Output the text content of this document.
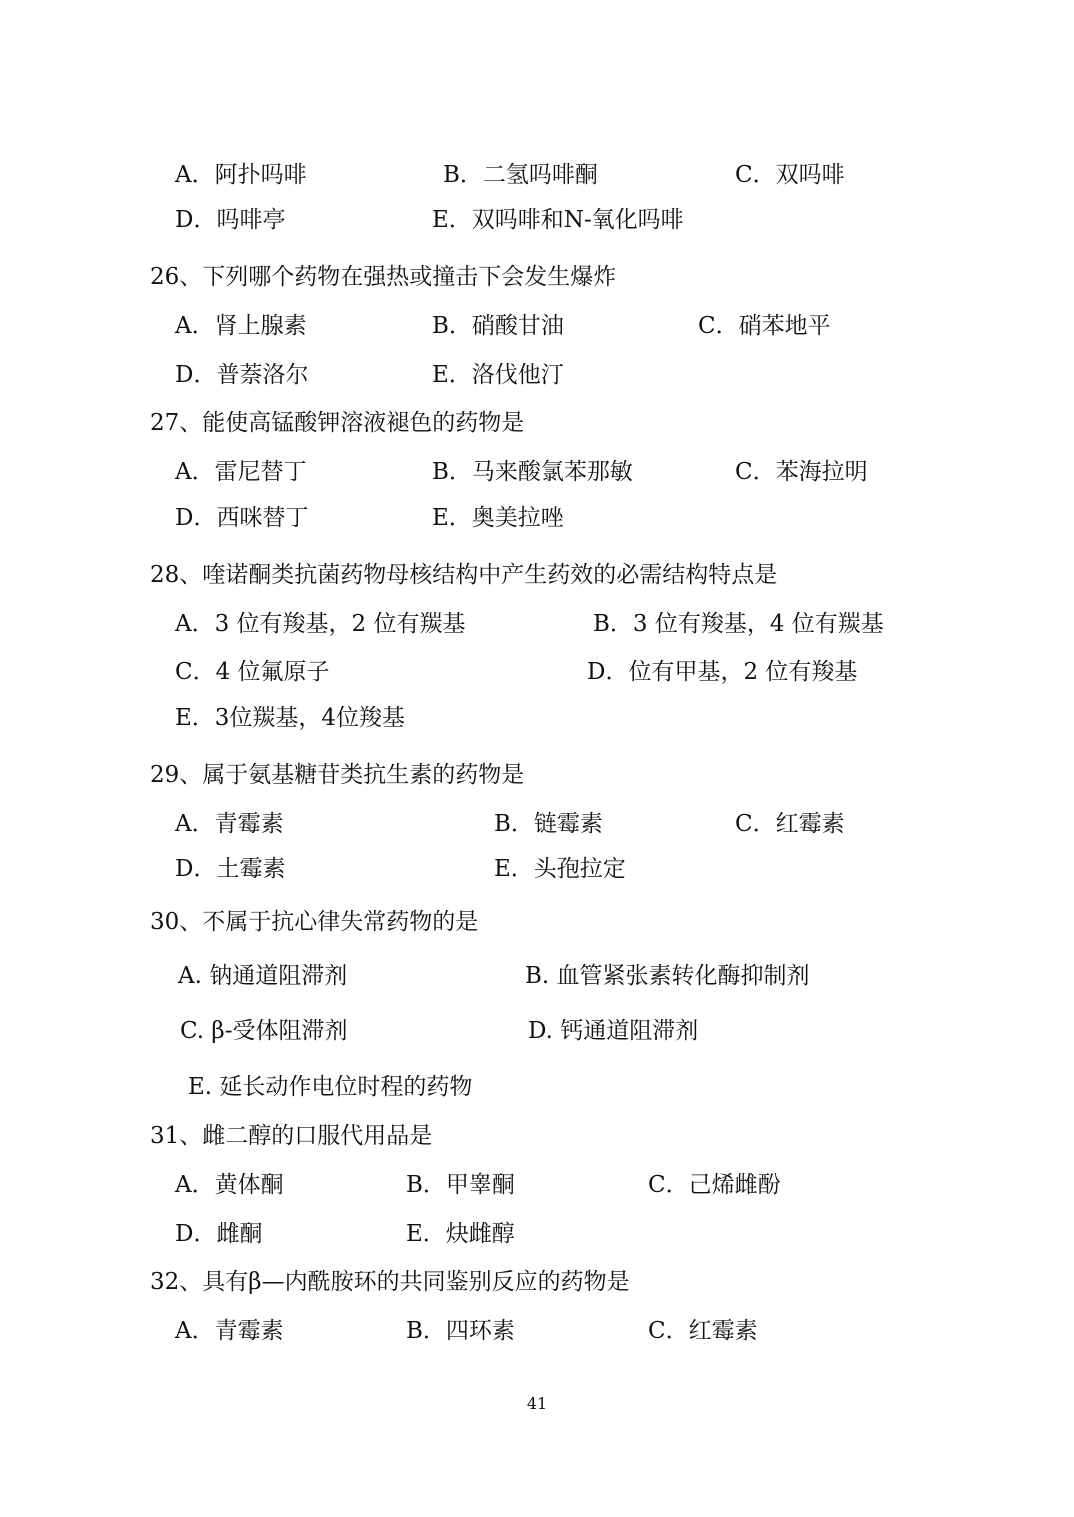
A．阿扑吗啡	B．二氢吗啡酮	C．双吗啡
D．吗啡亭	E．双吗啡和N-氧化吗啡
26、下列哪个药物在强热或撞击下会发生爆炸
A．肾上腺素	B．硝酸甘油	C．硝苯地平
D．普萘洛尔	E．洛伐他汀
27、能使高锰酸钾溶液褪色的药物是
A．雷尼替丁	B．马来酸氯苯那敏	C．苯海拉明
D．西咪替丁	E．奥美拉唑
28、喹诺酮类抗菌药物母核结构中产生药效的必需结构特点是
A．3 位有羧基，2 位有羰基	B．3 位有羧基，4 位有羰基
C．4 位氟原子	D．位有甲基，2 位有羧基
E．3位羰基，4位羧基
29、属于氨基糖苷类抗生素的药物是
A．青霉素	B．链霉素	C．红霉素
D．土霉素	E．头孢拉定
30、不属于抗心律失常药物的是
A. 钠通道阻滞剂	B. 血管紧张素转化酶抑制剂
C. β-受体阻滞剂	D. 钙通道阻滞剂
E. 延长动作电位时程的药物
31、雌二醇的口服代用品是
A．黄体酮	B．甲睾酮	C．己烯雌酚
D．雌酮	E．炔雌醇
32、具有β—内酰胺环的共同鉴别反应的药物是
A．青霉素	B．四环素	C．红霉素
41
